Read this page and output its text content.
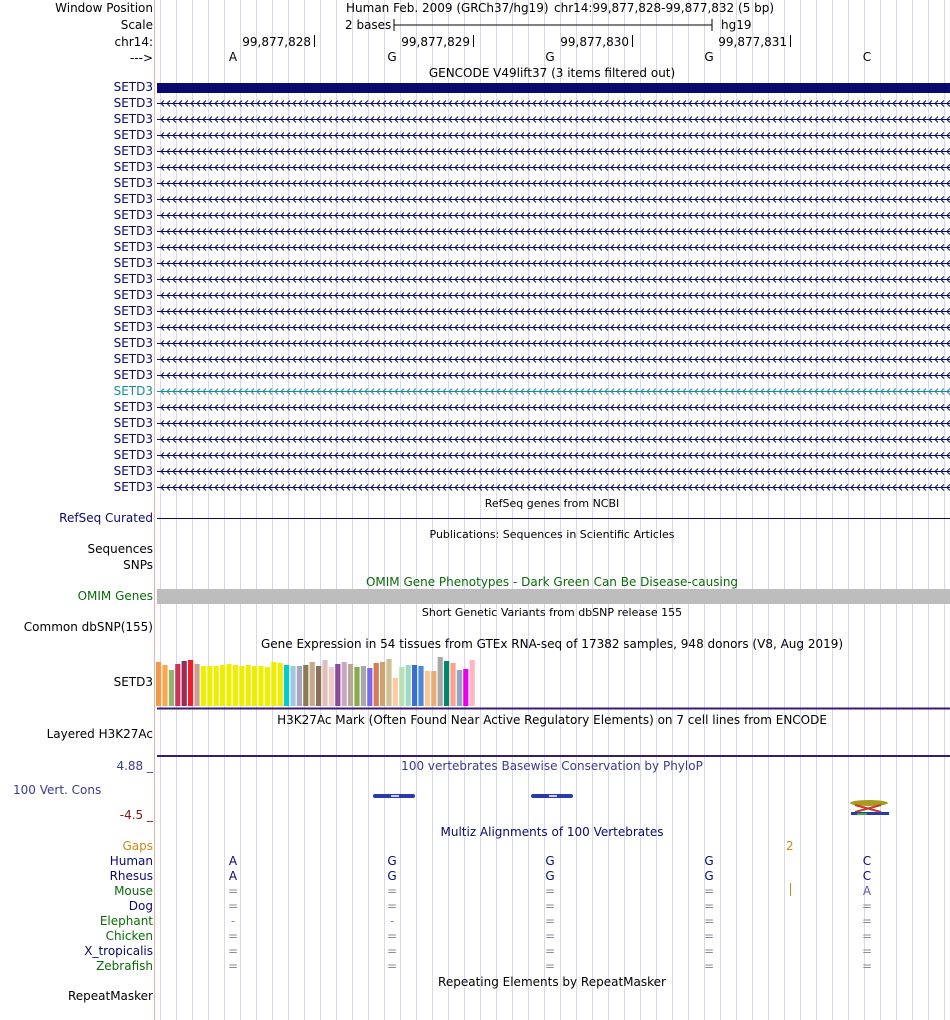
Window Position
Scale
chr14:
--->
Human Feb. 2009 (GRCh37/hg19) chr14:99,877,828-99,877,832 (5 bp)
2 bases	hg19
99,877,828	99,877,829	99,877,830	99,877,831
A	G	G	G	C
GENCODE V49lift37 (3 items filtered out)
SETD3
SETD3
SETD3
SETD3
SETD3
SETD3
SETD3
SETD3
SETD3
SETD3
SETD3
SETD3
SETD3
SETD3
SETD3
SETD3
SETD3
SETD3
SETD3
SETD3
SETD3
SETD3
SETD3
SETD3
SETD3
SETD3
RefSeq genes from NCBI
RefSeq Curated
Publications: Sequences in Scientific Articles
Sequences
SNPs
OMIM Gene Phenotypes - Dark Green Can Be Disease-causing
OMIM Genes
Short Genetic Variants from dbSNP release 155
Common dbSNP(155)
Gene Expression in 54 tissues from GTEx RNA-seq of 17382 samples, 948 donors (V8, Aug 2019)
SETD3
H3K27Ac Mark (Often Found Near Active Regulatory Elements) on 7 cell lines from ENCODE
Layered H3K27Ac
100 vertebrates Basewise Conservation by PhyloP
4.88 _
100 Vert. Cons
-4.5 _
Multiz Alignments of 100 Vertebrates
Gaps	2
Human	A	G	G	G	C
Rhesus	A	G	G	G	C
Mouse	=	=	=	=	A
Dog	=	=	=	=	=
Elephant	-	-	=	=	=
Chicken	=	=	=	=	=
X_tropicalis	=	=	=	=	=
Zebrafish	=	=	=	=	=
Repeating Elements by RepeatMasker
RepeatMasker
